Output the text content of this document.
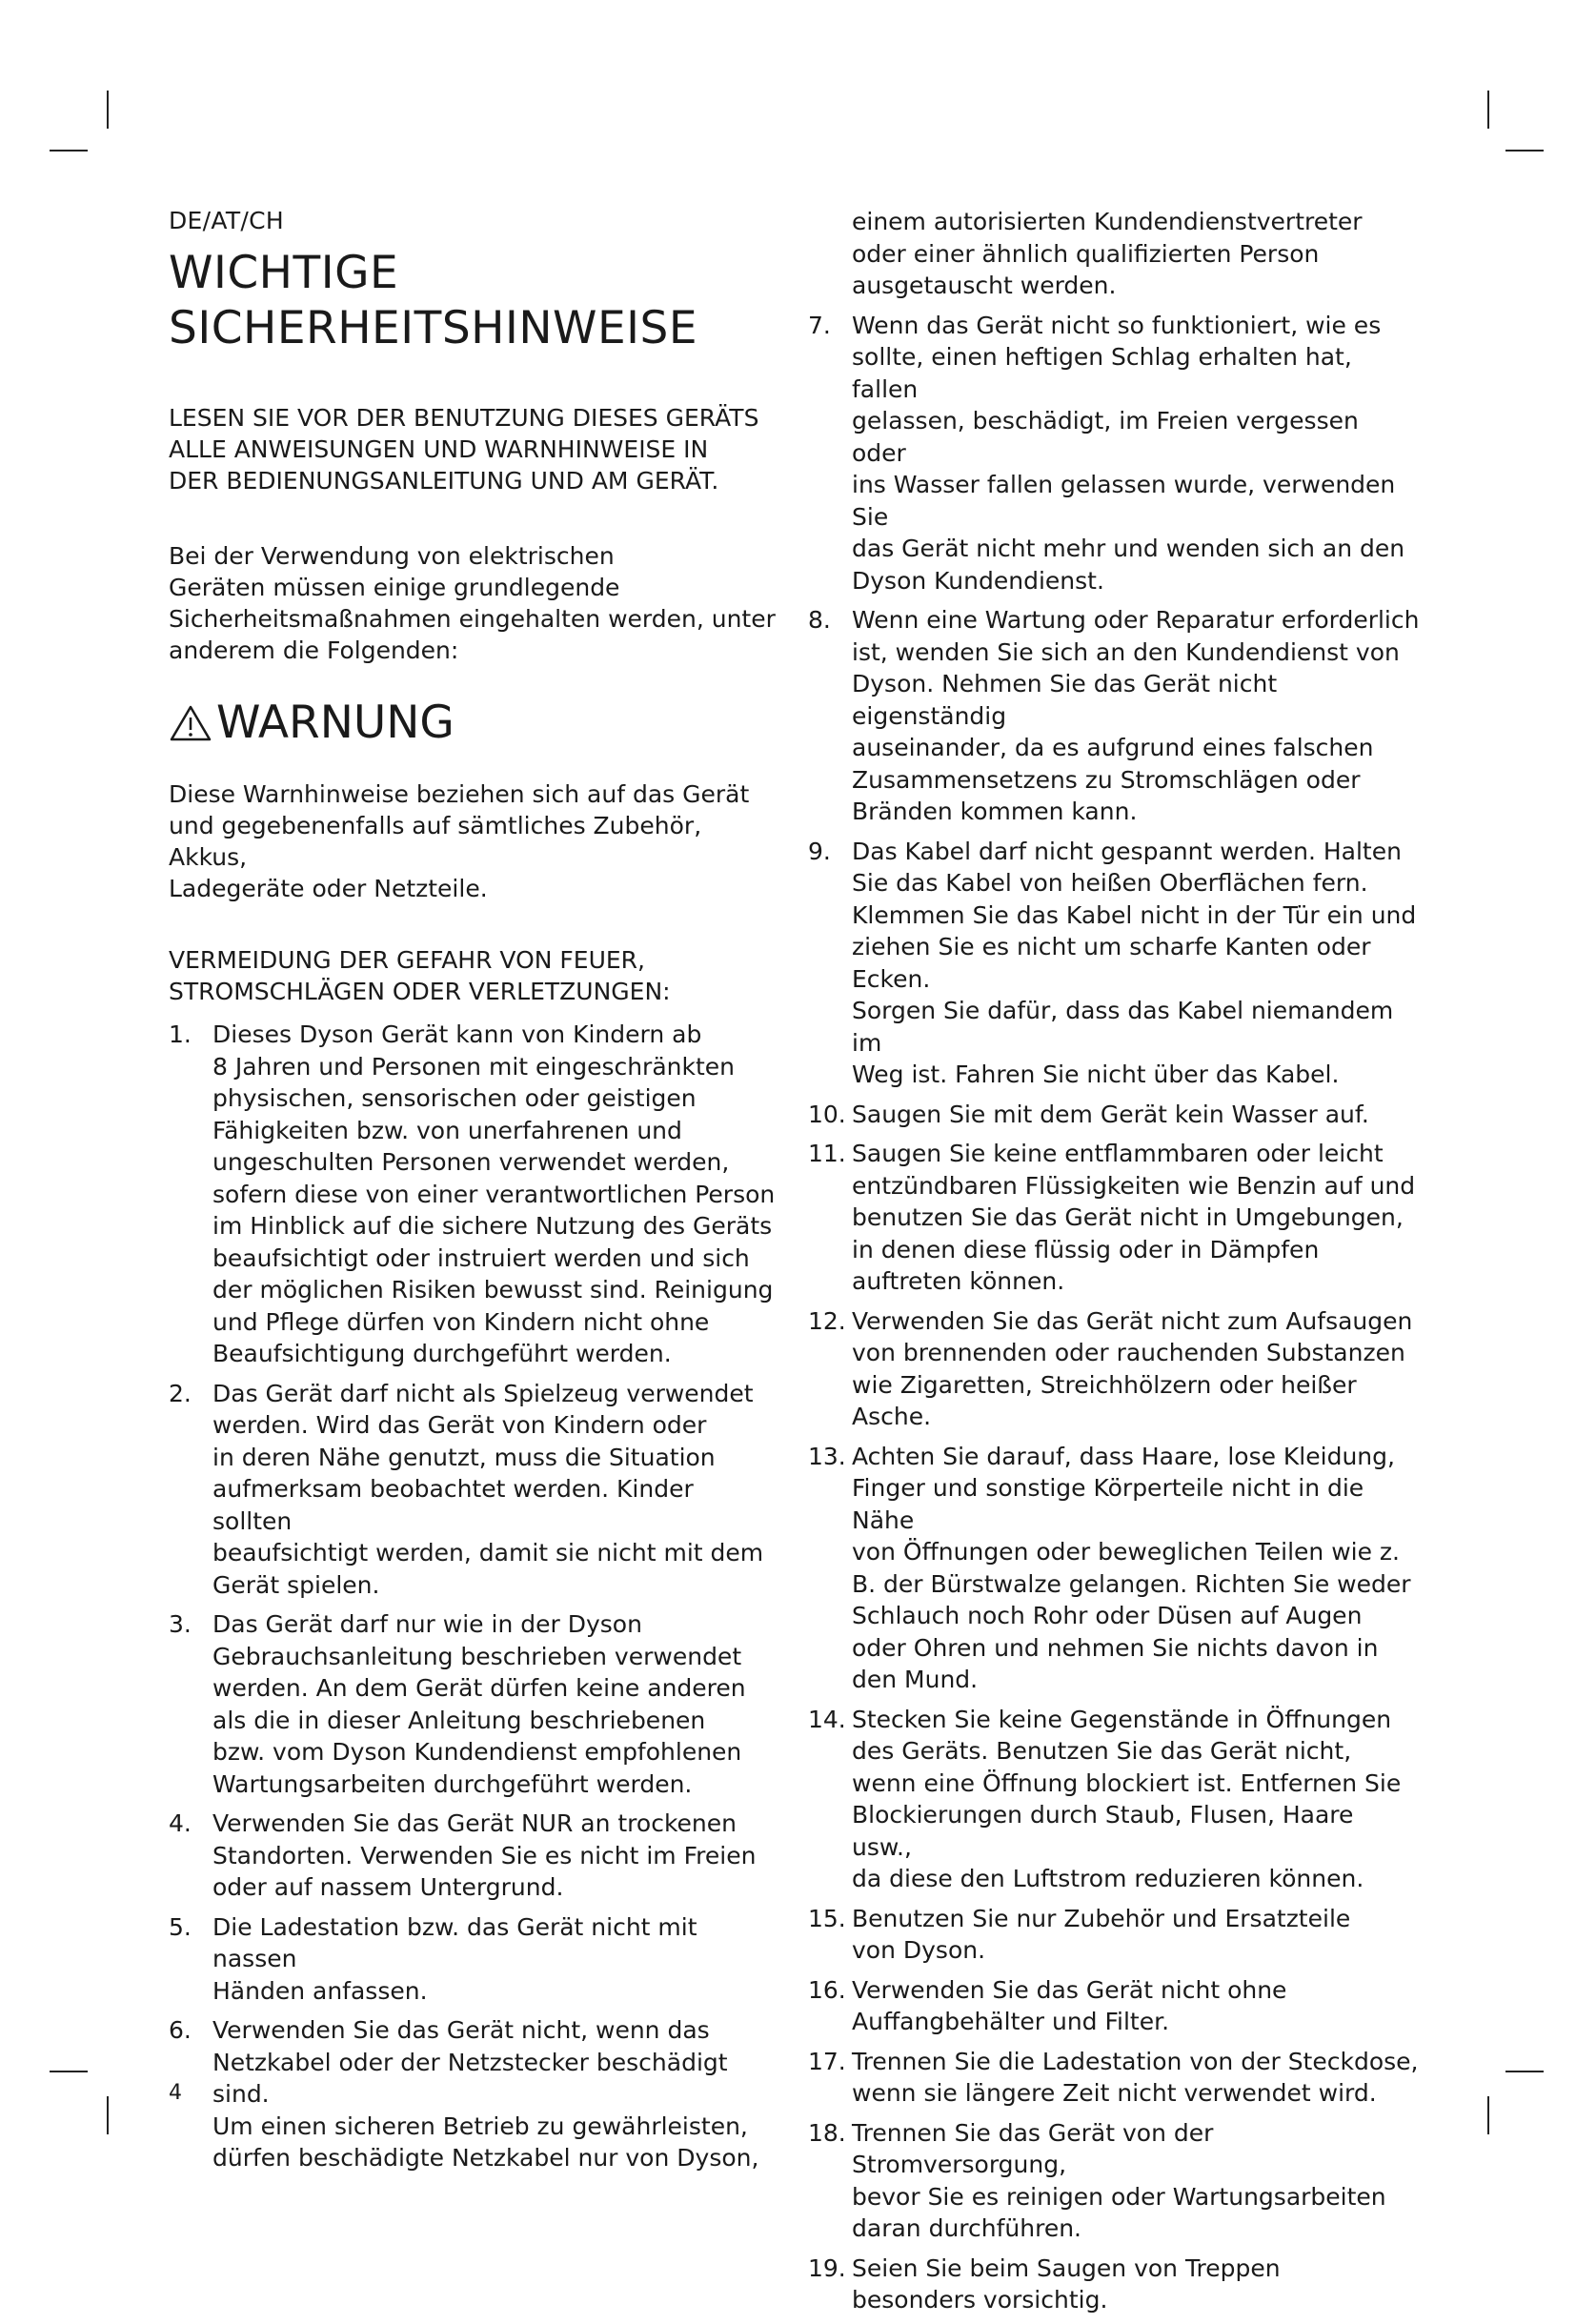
DE/AT/CH

WICHTIGE
SICHERHEITSHINWEISE

LESEN SIE VOR DER BENUTZUNG DIESES GERÄTS
ALLE ANWEISUNGEN UND WARNHINWEISE IN
DER BEDIENUNGSANLEITUNG UND AM GERÄT.

Bei der Verwendung von elektrischen
Geräten müssen einige grundlegende
Sicherheitsmaßnahmen eingehalten werden, unter
anderem die Folgenden:

WARNUNG

Diese Warnhinweise beziehen sich auf das Gerät
und gegebenenfalls auf sämtliches Zubehör, Akkus,
Ladegeräte oder Netzteile.

VERMEIDUNG DER GEFAHR VON FEUER,
STROMSCHLÄGEN ODER VERLETZUNGEN:

1. Dieses Dyson Gerät kann von Kindern ab
8 Jahren und Personen mit eingeschränkten
physischen, sensorischen oder geistigen
Fähigkeiten bzw. von unerfahrenen und
ungeschulten Personen verwendet werden,
sofern diese von einer verantwortlichen Person
im Hinblick auf die sichere Nutzung des Geräts
beaufsichtigt oder instruiert werden und sich
der möglichen Risiken bewusst sind. Reinigung
und Pflege dürfen von Kindern nicht ohne
Beaufsichtigung durchgeführt werden.
2. Das Gerät darf nicht als Spielzeug verwendet
werden. Wird das Gerät von Kindern oder
in deren Nähe genutzt, muss die Situation
aufmerksam beobachtet werden. Kinder sollten
beaufsichtigt werden, damit sie nicht mit dem
Gerät spielen.
3. Das Gerät darf nur wie in der Dyson
Gebrauchsanleitung beschrieben verwendet
werden. An dem Gerät dürfen keine anderen
als die in dieser Anleitung beschriebenen
bzw. vom Dyson Kundendienst empfohlenen
Wartungsarbeiten durchgeführt werden.
4. Verwenden Sie das Gerät NUR an trockenen
Standorten. Verwenden Sie es nicht im Freien
oder auf nassem Untergrund.
5. Die Ladestation bzw. das Gerät nicht mit nassen
Händen anfassen.
6. Verwenden Sie das Gerät nicht, wenn das
Netzkabel oder der Netzstecker beschädigt sind.
Um einen sicheren Betrieb zu gewährleisten,
dürfen beschädigte Netzkabel nur von Dyson,
einem autorisierten Kundendienstvertreter
oder einer ähnlich qualifizierten Person
ausgetauscht werden.
7. Wenn das Gerät nicht so funktioniert, wie es
sollte, einen heftigen Schlag erhalten hat, fallen
gelassen, beschädigt, im Freien vergessen oder
ins Wasser fallen gelassen wurde, verwenden Sie
das Gerät nicht mehr und wenden sich an den
Dyson Kundendienst.
8. Wenn eine Wartung oder Reparatur erforderlich
ist, wenden Sie sich an den Kundendienst von
Dyson. Nehmen Sie das Gerät nicht eigenständig
auseinander, da es aufgrund eines falschen
Zusammensetzens zu Stromschlägen oder
Bränden kommen kann.
9. Das Kabel darf nicht gespannt werden. Halten
Sie das Kabel von heißen Oberflächen fern.
Klemmen Sie das Kabel nicht in der Tür ein und
ziehen Sie es nicht um scharfe Kanten oder Ecken.
Sorgen Sie dafür, dass das Kabel niemandem im
Weg ist. Fahren Sie nicht über das Kabel.
10. Saugen Sie mit dem Gerät kein Wasser auf.
11. Saugen Sie keine entflammbaren oder leicht
entzündbaren Flüssigkeiten wie Benzin auf und
benutzen Sie das Gerät nicht in Umgebungen,
in denen diese flüssig oder in Dämpfen
auftreten können.
12. Verwenden Sie das Gerät nicht zum Aufsaugen
von brennenden oder rauchenden Substanzen
wie Zigaretten, Streichhölzern oder heißer Asche.
13. Achten Sie darauf, dass Haare, lose Kleidung,
Finger und sonstige Körperteile nicht in die Nähe
von Öffnungen oder beweglichen Teilen wie z.
B. der Bürstwalze gelangen. Richten Sie weder
Schlauch noch Rohr oder Düsen auf Augen
oder Ohren und nehmen Sie nichts davon in
den Mund.
14. Stecken Sie keine Gegenstände in Öffnungen
des Geräts. Benutzen Sie das Gerät nicht,
wenn eine Öffnung blockiert ist. Entfernen Sie
Blockierungen durch Staub, Flusen, Haare usw.,
da diese den Luftstrom reduzieren können.
15. Benutzen Sie nur Zubehör und Ersatzteile
von Dyson.
16. Verwenden Sie das Gerät nicht ohne
Auffangbehälter und Filter.
17. Trennen Sie die Ladestation von der Steckdose,
wenn sie längere Zeit nicht verwendet wird.
18. Trennen Sie das Gerät von der Stromversorgung,
bevor Sie es reinigen oder Wartungsarbeiten
daran durchführen.
19. Seien Sie beim Saugen von Treppen
besonders vorsichtig.
4
